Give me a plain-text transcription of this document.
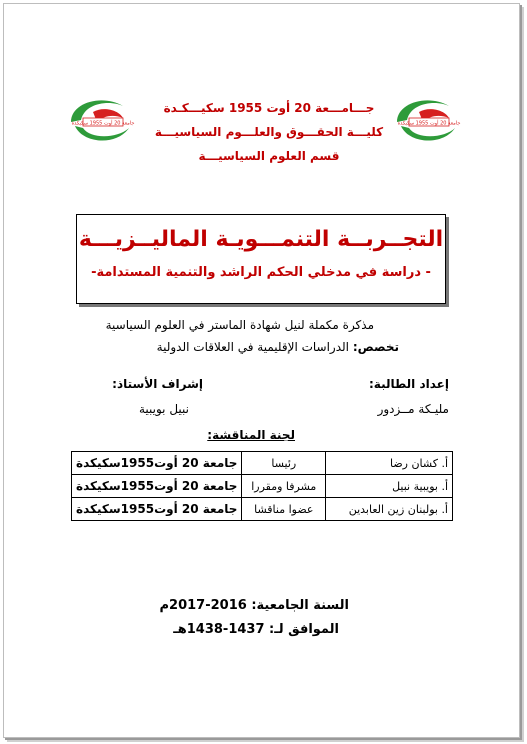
جامعة 20 أوت 1955 سكيكدة
جامعة 20 أوت 1955 سكيكدة
جـــامـــعة 20 أوت 1955 سكيـــكـدة
كليـــة الحقـــوق والعلـــوم السياسيـــة
قسم العلوم السياسيـــة
التجــربــة التنمـــويـة الماليــزيـــة
- دراسة في مدخلي الحكم الراشد والتنمية المستدامة-
مذكرة مكملة لنيل شهادة الماستر في العلوم السياسية
تخصص: الدراسات الإقليمية في العلاقات الدولية
إعداد الطالبة:
مليـكة مــزدور
إشراف الأستاذ:
نبيل بويبية
لجنة المناقشة:
أ. كشان رضا	رئيسا	جامعة 20 أوت1955سكيكدة
أ. بويبية نبيل	مشرفا ومقررا	جامعة 20 أوت1955سكيكدة
أ. بولبنان زين العابدين	عضوا مناقشا	جامعة 20 أوت1955سكيكدة
السنة الجامعية: 2016-2017م
الموافق لـ: 1437-1438هـ
